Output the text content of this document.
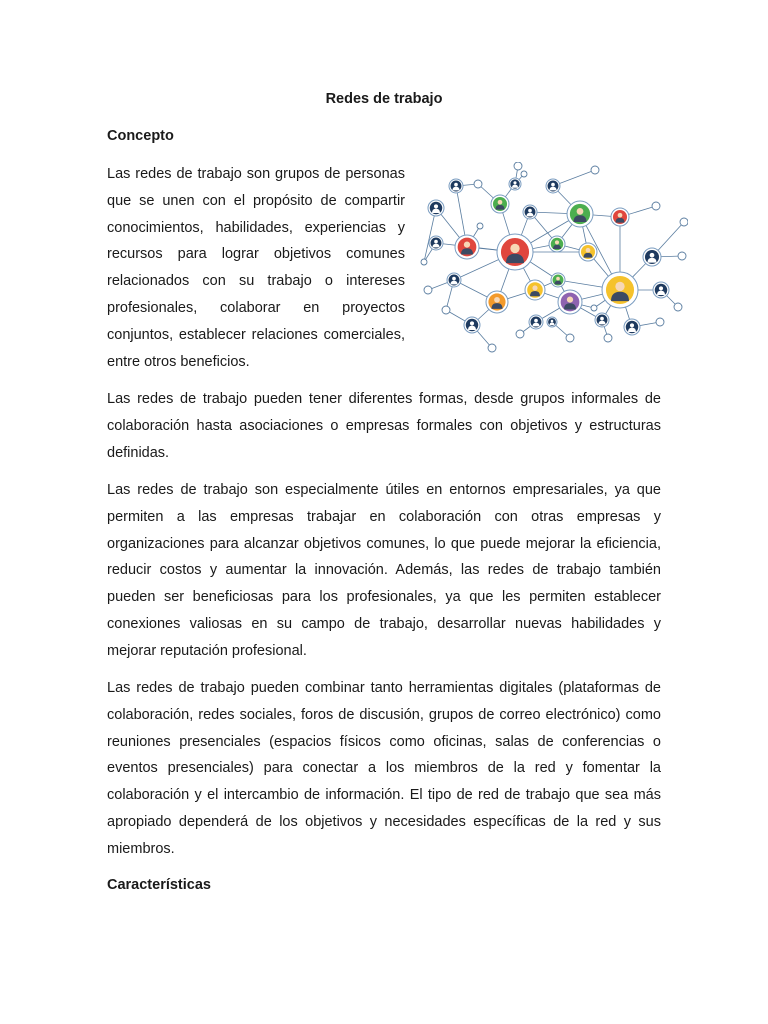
Redes de trabajo
Concepto

Las redes de trabajo son grupos de personas que se unen con el propósito de compartir conocimientos, habilidades, experiencias y recursos para lograr objetivos comunes relacionados con su trabajo o intereses profesionales, colaborar en proyectos conjuntos, establecer relaciones comerciales, entre otros beneficios.

Las redes de trabajo pueden tener diferentes formas, desde grupos informales de colaboración hasta asociaciones o empresas formales con objetivos y estructuras definidas.

Las redes de trabajo son especialmente útiles en entornos empresariales, ya que permiten a las empresas trabajar en colaboración con otras empresas y organizaciones para alcanzar objetivos comunes, lo que puede mejorar la eficiencia, reducir costos y aumentar la innovación. Además, las redes de trabajo también pueden ser beneficiosas para los profesionales, ya que les permiten establecer conexiones valiosas en su campo de trabajo, desarrollar nuevas habilidades y mejorar reputación profesional.

Las redes de trabajo pueden combinar tanto herramientas digitales (plataformas de colaboración, redes sociales, foros de discusión, grupos de correo electrónico) como reuniones presenciales (espacios físicos como oficinas, salas de conferencias o eventos presenciales) para conectar a los miembros de la red y fomentar la colaboración y el intercambio de información. El tipo de red de trabajo que sea más apropiado dependerá de los objetivos y necesidades específicas de la red y sus miembros.

Características
